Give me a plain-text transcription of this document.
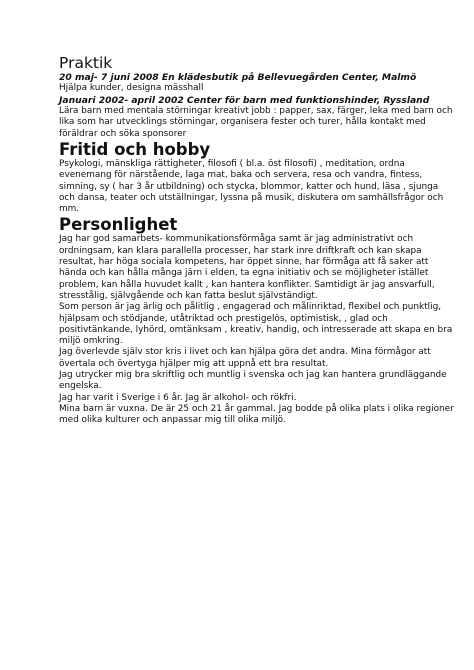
Praktik
20 maj- 7 juni 2008 En klädesbutik på Bellevuegården Center, Malmö
Hjälpa kunder, designa mässhall
Januari 2002- april 2002 Center för barn med funktionshinder, Ryssland
Lära barn med mentala störningar kreativt jobb : papper, sax, färger, leka med barn och
lika som har utvecklings störningar, organisera fester och turer, hålla kontakt med
föräldrar och söka sponsorer
Fritid och hobby
Psykologi, mänskliga rättigheter, filosofi ( bl.a. öst filosofi) , meditation, ordna
evenemang för närstående, laga mat, baka och servera, resa och vandra, fintess,
simning, sy ( har 3 år utbildning) och stycka, blommor, katter och hund, läsa , sjunga
och dansa, teater och utställningar, lyssna på musik, diskutera om samhällsfrågor och
mm.
Personlighet
Jag har god samarbets- kommunikationsförmåga samt är jag administrativt och
ordningsam, kan klara parallella processer, har stark inre driftkraft och kan skapa
resultat, har höga sociala kompetens, har öppet sinne, har förmåga att få saker att
hända och kan hålla många järn i elden, ta egna initiativ och se möjligheter istället
problem, kan hålla huvudet kallt , kan hantera konflikter. Samtidigt är jag ansvarfull,
stresstålig, självgående och kan fatta beslut självständigt.
Som person är jag ärlig och pålitlig , engagerad och målinriktad, flexibel och punktlig,
hjälpsam och stödjande, utåtriktad och prestigelös, optimistisk, , glad och
positivtänkande, lyhörd, omtänksam , kreativ, handig, och intresserade att skapa en bra
miljö omkring.
Jag överlevde själv stor kris i livet och kan hjälpa göra det andra. Mina förmågor att
övertala och övertyga hjälper mig att uppnå ett bra resultat.
Jag utrycker mig bra skriftlig och muntlig i svenska och jag kan hantera grundläggande
engelska.
Jag har varit i Sverige i 6 år. Jag är alkohol- och rökfri.
Mina barn är vuxna. De är 25 och 21 år gammal. Jag bodde på olika plats i olika regioner
med olika kulturer och anpassar mig till olika miljö.
